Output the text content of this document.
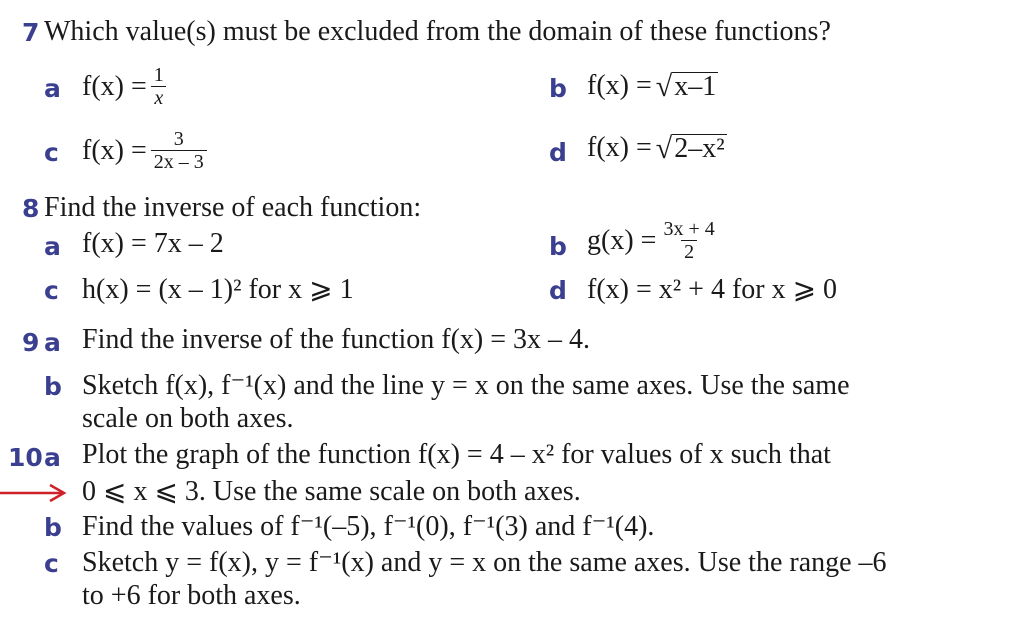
7 Which value(s) must be excluded from the domain of these functions?
a $f(x) = \frac{1}{x}$	b f(x) = √ x–1
c $f(x) = \frac{3}{2x - 3}$	d f(x) = √ 2–x²
8 Find the inverse of each function:
a f(x) = 7x – 2	b $g(x) = \frac{3x + 4}{2}$
c h(x) = (x – 1)² for x ⩾ 1	d f(x) = x² + 4 for x ⩾ 0
9 a Find the inverse of the function f(x) = 3x – 4.
b Sketch f(x), f⁻¹(x) and the line y = x on the same axes. Use the same
scale on both axes.
10 a Plot the graph of the function f(x) = 4 – x² for values of x such that
0 ⩽ x ⩽ 3. Use the same scale on both axes.
b Find the values of f⁻¹(–5), f⁻¹(0), f⁻¹(3) and f⁻¹(4).
c Sketch y = f(x), y = f⁻¹(x) and y = x on the same axes. Use the range –6
to +6 for both axes.
